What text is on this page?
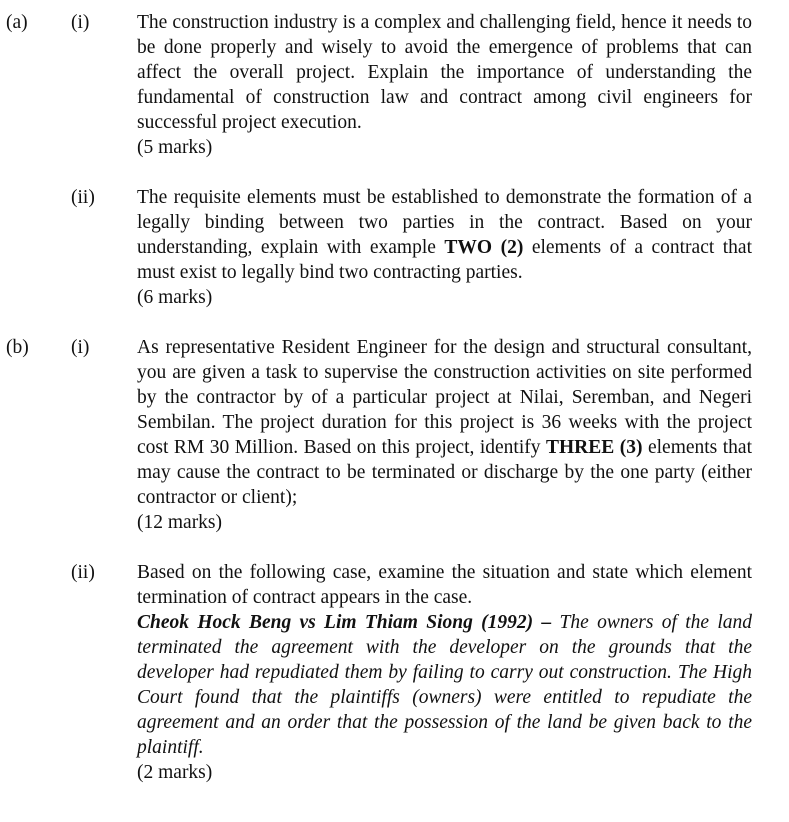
(a) (i) The construction industry is a complex and challenging field, hence it needs to be done properly and wisely to avoid the emergence of problems that can affect the overall project. Explain the importance of understanding the fundamental of construction law and contract among civil engineers for successful project execution.

(5 marks)

(ii) The requisite elements must be established to demonstrate the formation of a legally binding between two parties in the contract. Based on your understanding, explain with example TWO (2) elements of a contract that must exist to legally bind two contracting parties.

(6 marks)

(b) (i) As representative Resident Engineer for the design and structural consultant, you are given a task to supervise the construction activities on site performed by the contractor by of a particular project at Nilai, Seremban, and Negeri Sembilan. The project duration for this project is 36 weeks with the project cost RM 30 Million. Based on this project, identify THREE (3) elements that may cause the contract to be terminated or discharge by the one party (either contractor or client);

(12 marks)

(ii) Based on the following case, examine the situation and state which element termination of contract appears in the case.

Cheok Hock Beng vs Lim Thiam Siong (1992) – The owners of the land terminated the agreement with the developer on the grounds that the developer had repudiated them by failing to carry out construction. The High Court found that the plaintiffs (owners) were entitled to repudiate the agreement and an order that the possession of the land be given back to the plaintiff.

(2 marks)
